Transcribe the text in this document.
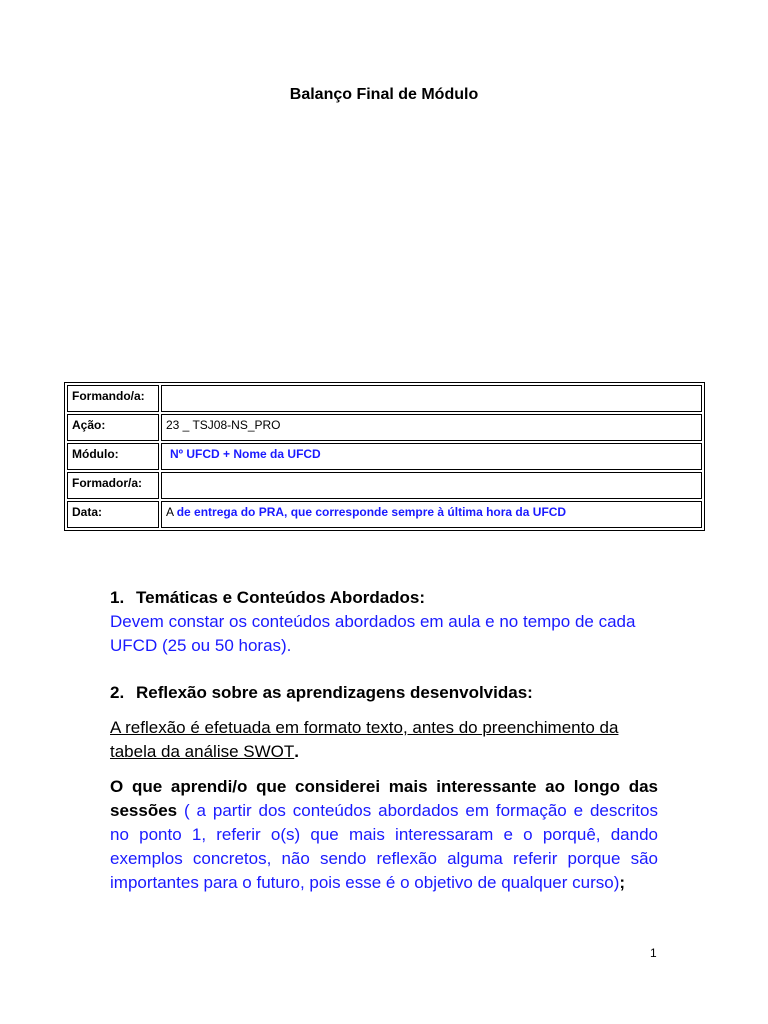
Balanço Final de Módulo
Formando/a:	
Ação:	23 _ TSJ08-NS_PRO
Módulo:	Nº UFCD + Nome da UFCD
Formador/a:	
Data:	A de entrega do PRA, que corresponde sempre à última hora da UFCD
1. Temáticas e Conteúdos Abordados:
Devem constar os conteúdos abordados em aula e no tempo de cada UFCD (25 ou 50 horas).
2. Reflexão sobre as aprendizagens desenvolvidas:
A reflexão é efetuada em formato texto, antes do preenchimento da tabela da análise SWOT.
O que aprendi/o que considerei mais interessante ao longo das sessões ( a partir dos conteúdos abordados em formação e descritos no ponto 1, referir o(s) que mais interessaram e o porquê, dando exemplos concretos, não sendo reflexão alguma referir porque são importantes para o futuro, pois esse é o objetivo de qualquer curso);
1
